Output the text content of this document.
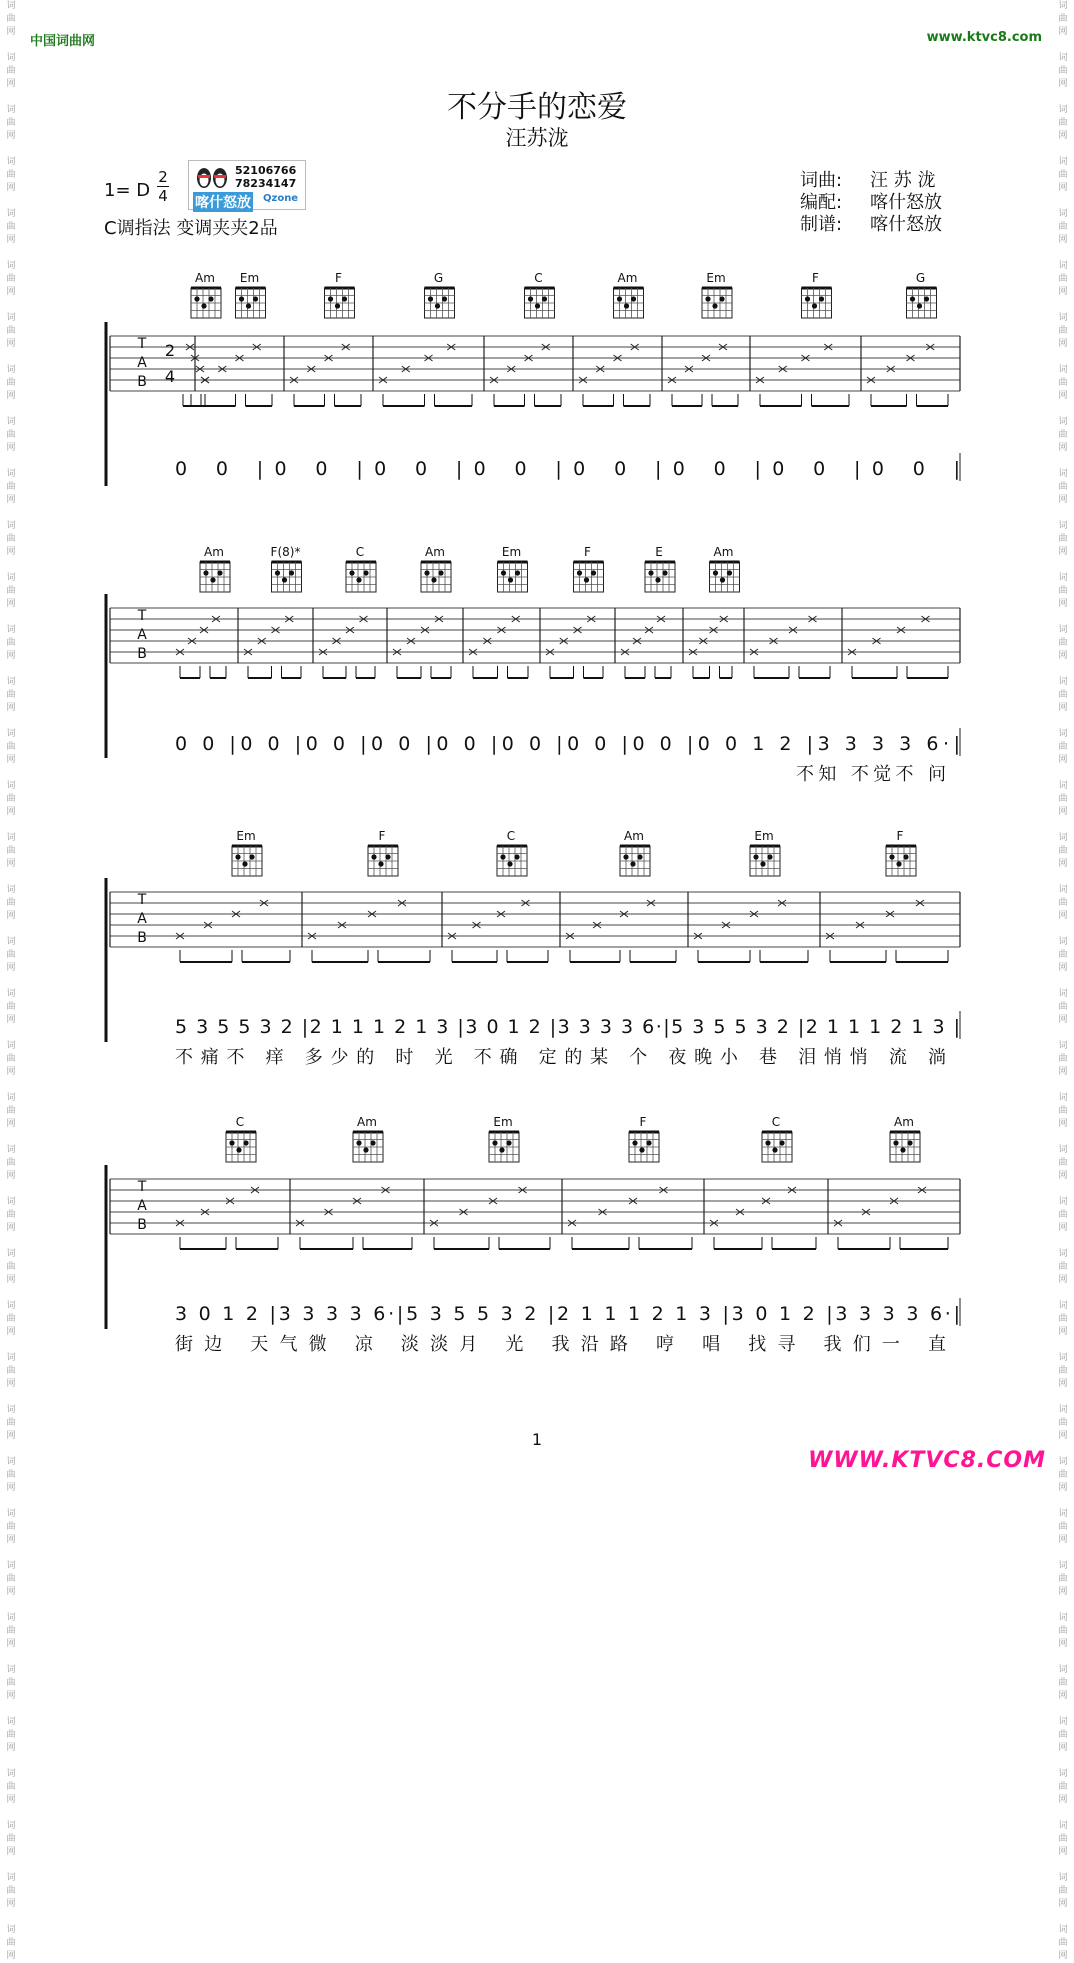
词
曲
网

词
曲
网

词
曲
网

词
曲
网

词
曲
网

词
曲
网

词
曲
网

词
曲
网

词
曲
网

词
曲
网

词
曲
网

词
曲
网

词
曲
网

词
曲
网

词
曲
网

词
曲
网

词
曲
网

词
曲
网

词
曲
网

词
曲
网

词
曲
网

词
曲
网

词
曲
网

词
曲
网

词
曲
网

词
曲
网

词
曲
网

词
曲
网

词
曲
网

词
曲
网

词
曲
网

词
曲
网

词
曲
网

词
曲
网

词
曲
网

词
曲
网

词
曲
网

词
曲
网

词
曲
网

词
曲
网

词
曲
网

词
曲
网

词
曲
网

词
曲
网

词
曲
网

词
曲
网

词
曲
网

词
曲
网

词
曲
网

词
曲
网

词
曲
网

词
曲
网

词
曲
网

词
曲
网

词
曲
网

词
曲
网

词
曲
网

词
曲
网

词
曲
网

词
曲
网

词
曲
网

词
曲
网

词
曲
网

词
曲
网

词
曲
网

词
曲
网

词
曲
网

词
曲
网

词
曲
网

词
曲
网

词
曲
网

词
曲
网

词
曲
网

词
曲
网

词
曲
网

词
曲
网

中国词曲网	www.ktvc8.com
不分手的恋爱
汪苏泷
1= D
2
4
C调指法 变调夹夹2品
52106766
78234147
喀什怒放 Qzone
词曲: 汪 苏 泷
编配: 喀什怒放
制谱: 喀什怒放
T
A
B
2
4
Am Em	F	G	C	Am	Em	F	G
0 0 |0 0 |0 0 |0 0 |0 0 |0 0 |0 0 |0 0 |
T
A
B
Am	F(8)*	C	Am	Em	F	E	Am
0 0 |0 0 |0 0 |0 0 |0 0 |0 0 |0 0 |0 0 |0 0 1 2 |3 3 3 3 6·|
不知 不觉不 问
T
A
B
Em	F	C	Am	Em	F
5 3 5 5 3 2 |2 1 1 1 2 1 3 |3 0 1 2 |3 3 3 3 6·|5 3 5 5 3 2 |2 1 1 1 2 1 3 |
不痛不 痒 多少的 时 光 不确 定的某 个 夜晚小 巷 泪悄悄 流 淌
T
A
B
C	Am	Em	F	C	Am
3 0 1 2 |3 3 3 3 6·|5 3 5 5 3 2 |2 1 1 1 2 1 3 |3 0 1 2 |3 3 3 3 6·|
街边 天气微 凉 淡淡月 光 我沿路 哼 唱 找寻 我们一 直
1
WWW.KTVC8.COM
